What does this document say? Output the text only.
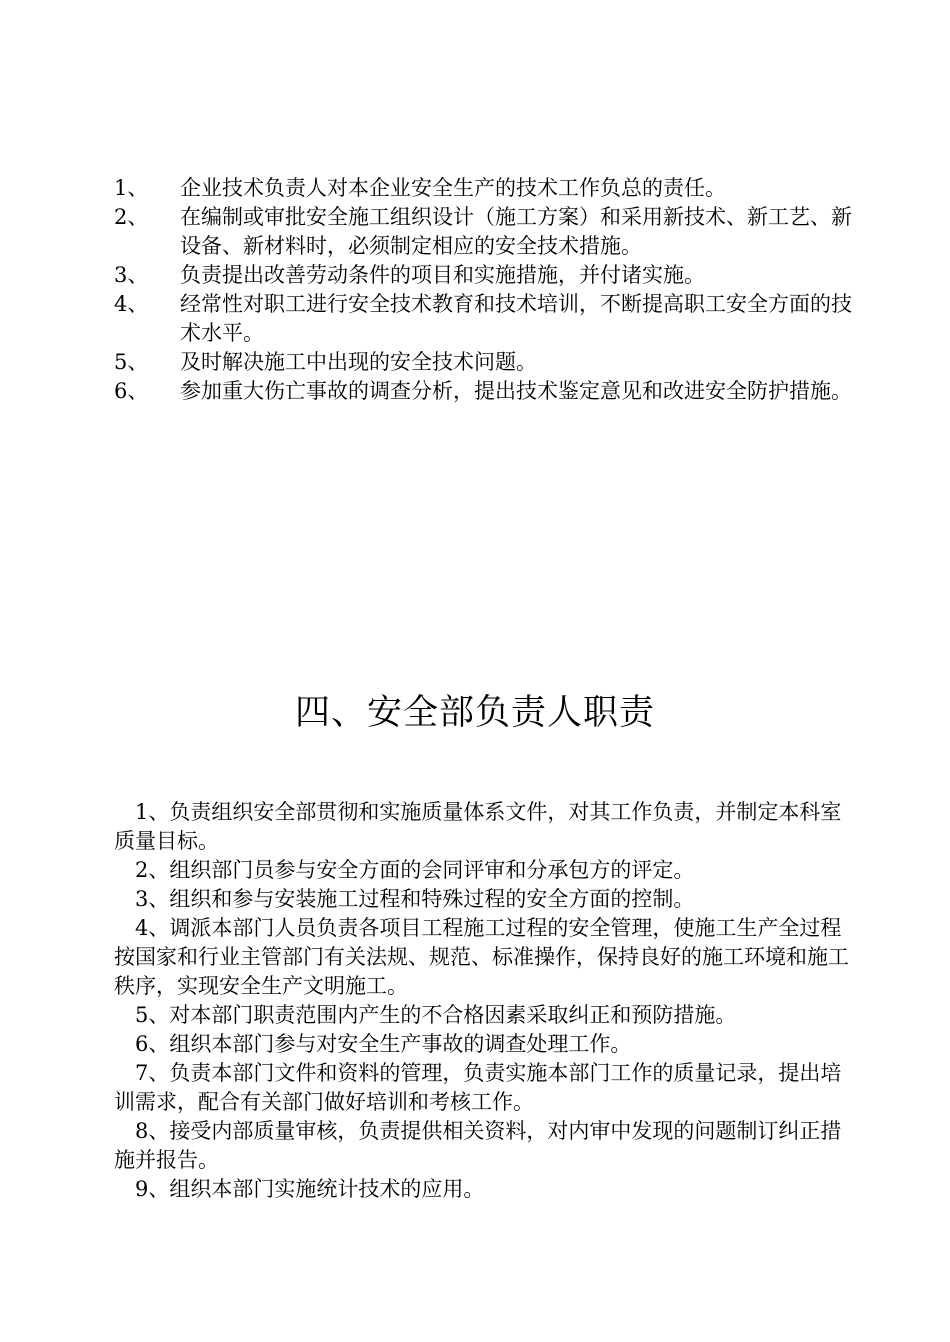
1、	企业技术负责人对本企业安全生产的技术工作负总的责任。
2、	在编制或审批安全施工组织设计（施工方案）和采用新技术、新工艺、新设备、新材料时，必须制定相应的安全技术措施。
3、	负责提出改善劳动条件的项目和实施措施，并付诸实施。
4、	经常性对职工进行安全技术教育和技术培训，不断提高职工安全方面的技术水平。
5、	及时解决施工中出现的安全技术问题。
6、	参加重大伤亡事故的调查分析，提出技术鉴定意见和改进安全防护措施。
四、安全部负责人职责
1、负责组织安全部贯彻和实施质量体系文件，对其工作负责，并制定本科室质量目标。
2、组织部门员参与安全方面的会同评审和分承包方的评定。
3、组织和参与安装施工过程和特殊过程的安全方面的控制。
4、调派本部门人员负责各项目工程施工过程的安全管理，使施工生产全过程按国家和行业主管部门有关法规、规范、标准操作，保持良好的施工环境和施工秩序，实现安全生产文明施工。
5、对本部门职责范围内产生的不合格因素采取纠正和预防措施。
6、组织本部门参与对安全生产事故的调查处理工作。
7、负责本部门文件和资料的管理，负责实施本部门工作的质量记录，提出培训需求，配合有关部门做好培训和考核工作。
8、接受内部质量审核，负责提供相关资料，对内审中发现的问题制订纠正措施并报告。
9、组织本部门实施统计技术的应用。
